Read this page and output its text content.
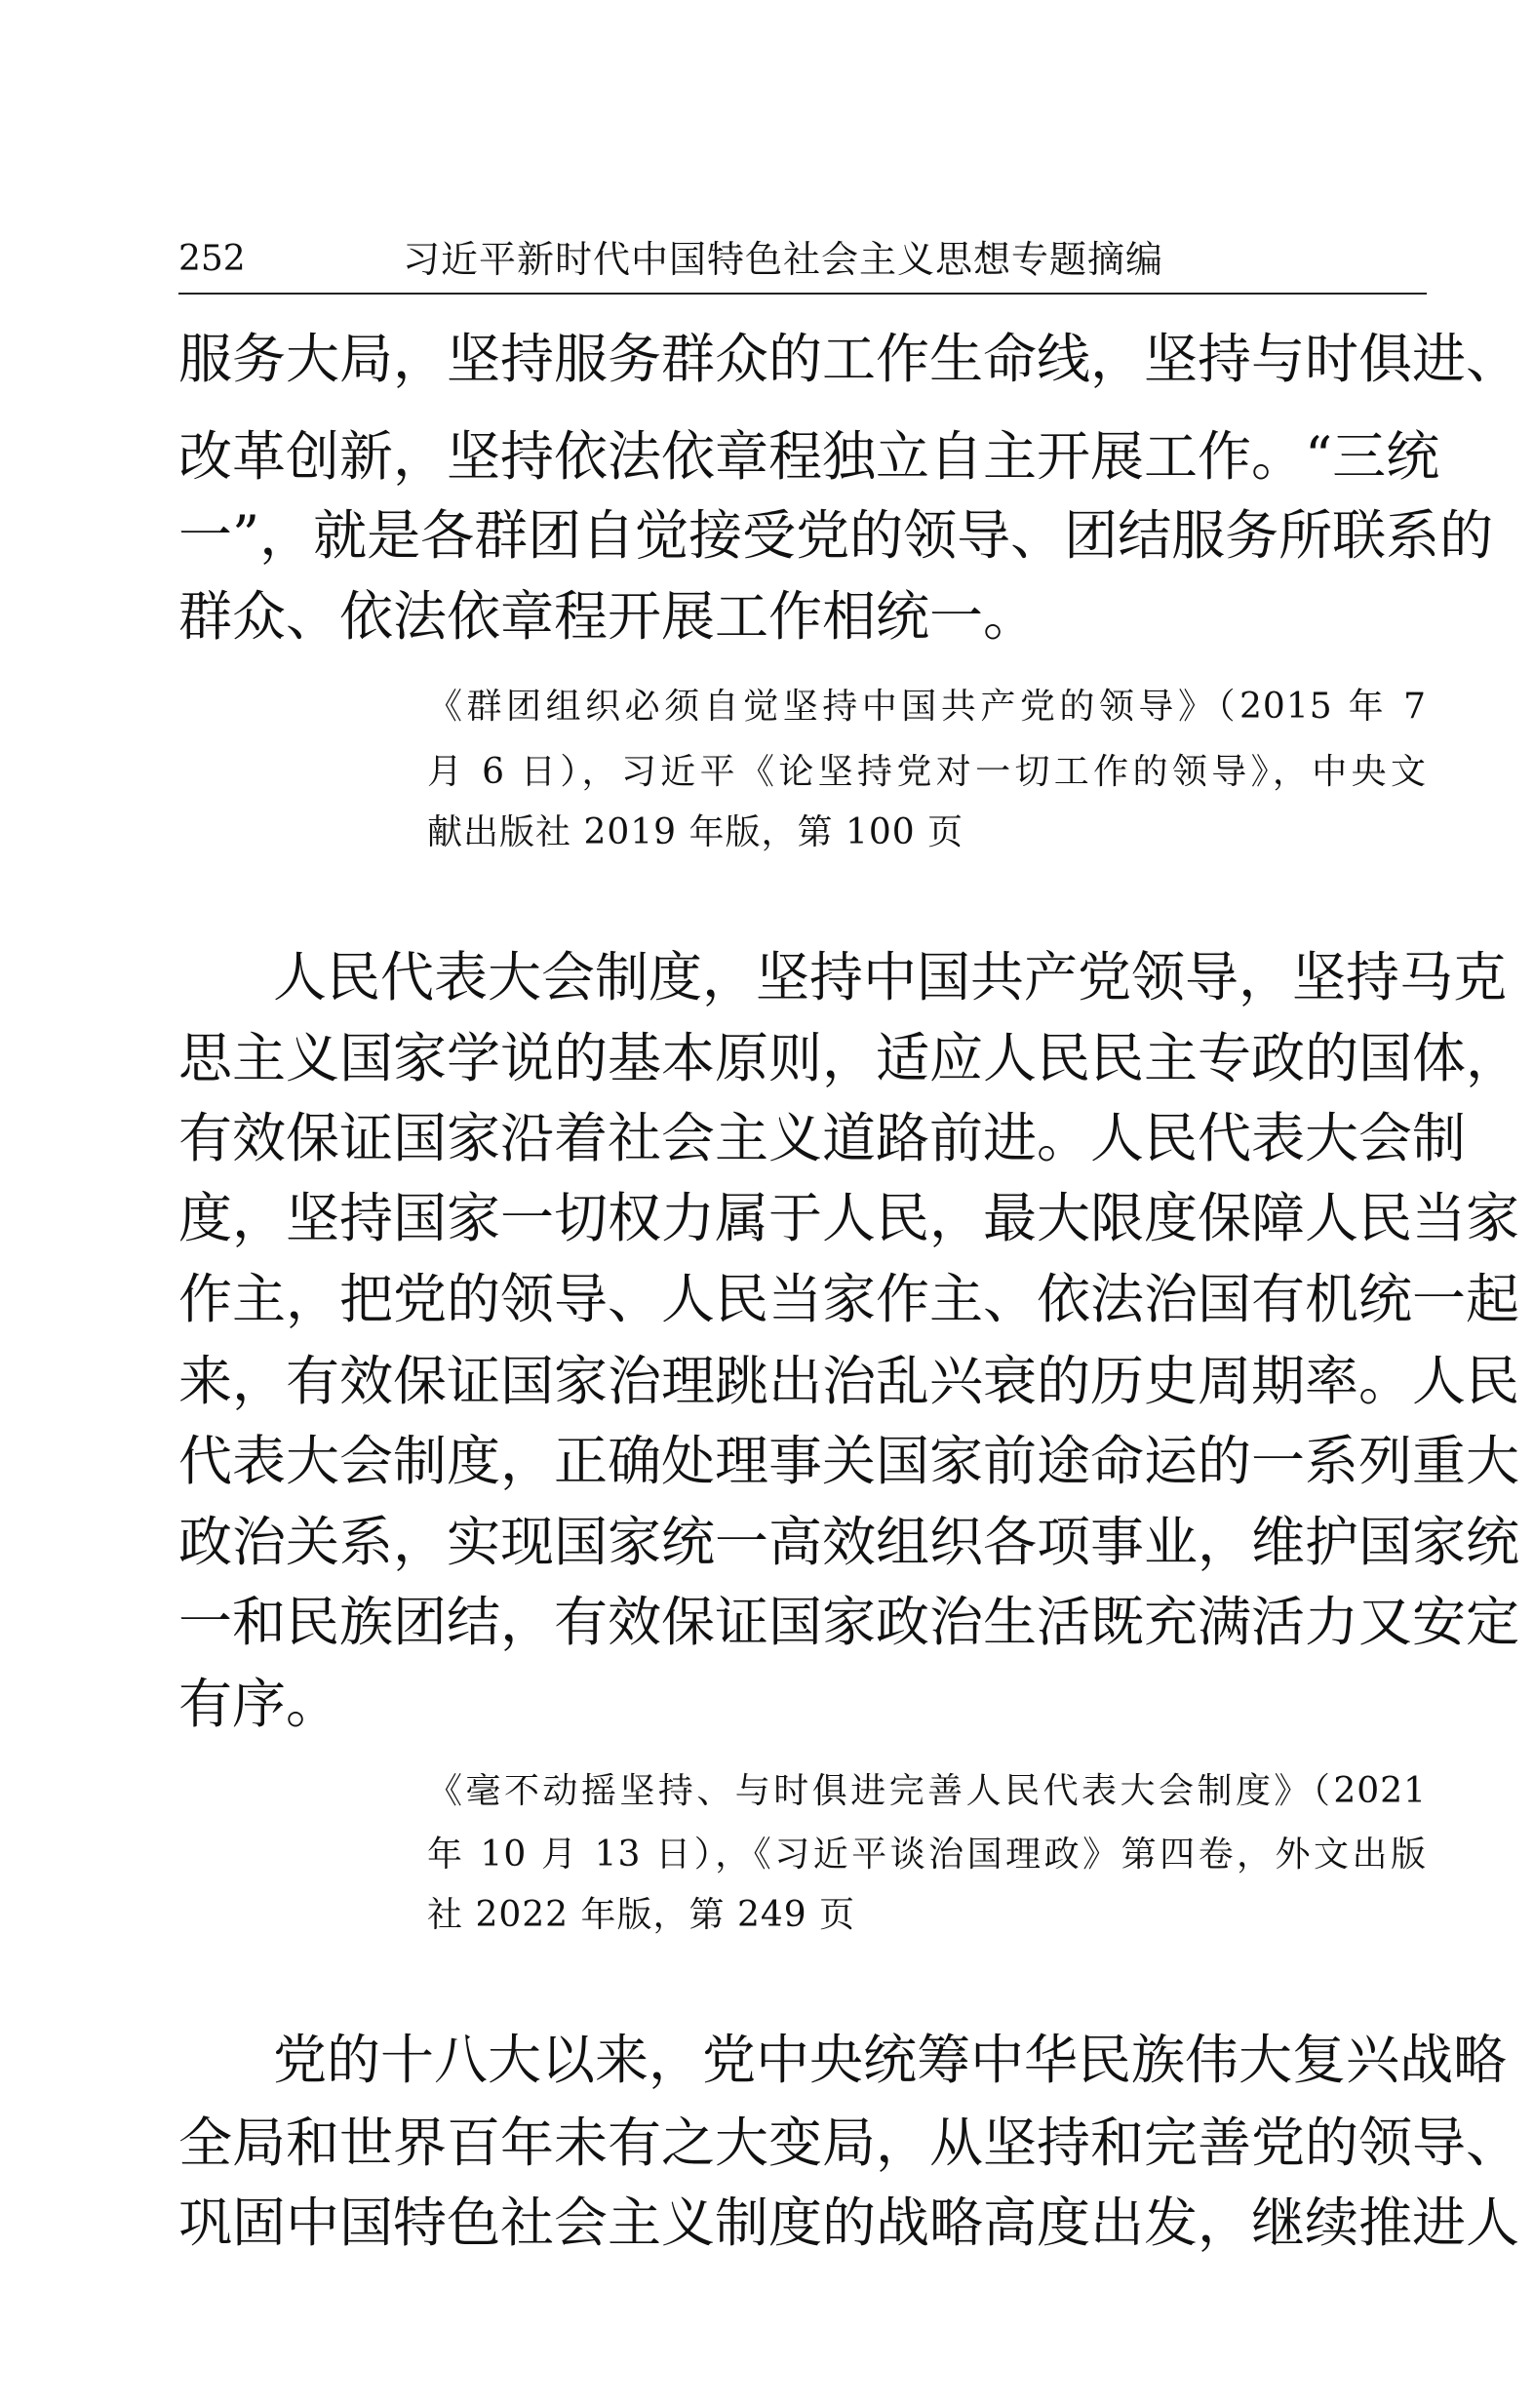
252	习近平新时代中国特色社会主义思想专题摘编
服务大局，坚持服务群众的工作生命线，坚持与时俱进、
改革创新，坚持依法依章程独立自主开展工作。“三统
一”，就是各群团自觉接受党的领导、团结服务所联系的
群众、依法依章程开展工作相统一。
《群团组织必须自觉坚持中国共产党的领导》（2015 年 7
月 6 日），习近平《论坚持党对一切工作的领导》，中央文
献出版社 2019 年版，第 100 页
人民代表大会制度，坚持中国共产党领导，坚持马克
思主义国家学说的基本原则，适应人民民主专政的国体，
有效保证国家沿着社会主义道路前进。人民代表大会制
度，坚持国家一切权力属于人民，最大限度保障人民当家
作主，把党的领导、人民当家作主、依法治国有机统一起
来，有效保证国家治理跳出治乱兴衰的历史周期率。人民
代表大会制度，正确处理事关国家前途命运的一系列重大
政治关系，实现国家统一高效组织各项事业，维护国家统
一和民族团结，有效保证国家政治生活既充满活力又安定
有序。
《毫不动摇坚持、与时俱进完善人民代表大会制度》（2021
年 10 月 13 日），《习近平谈治国理政》第四卷，外文出版
社 2022 年版，第 249 页
党的十八大以来，党中央统筹中华民族伟大复兴战略
全局和世界百年未有之大变局，从坚持和完善党的领导、
巩固中国特色社会主义制度的战略高度出发，继续推进人
